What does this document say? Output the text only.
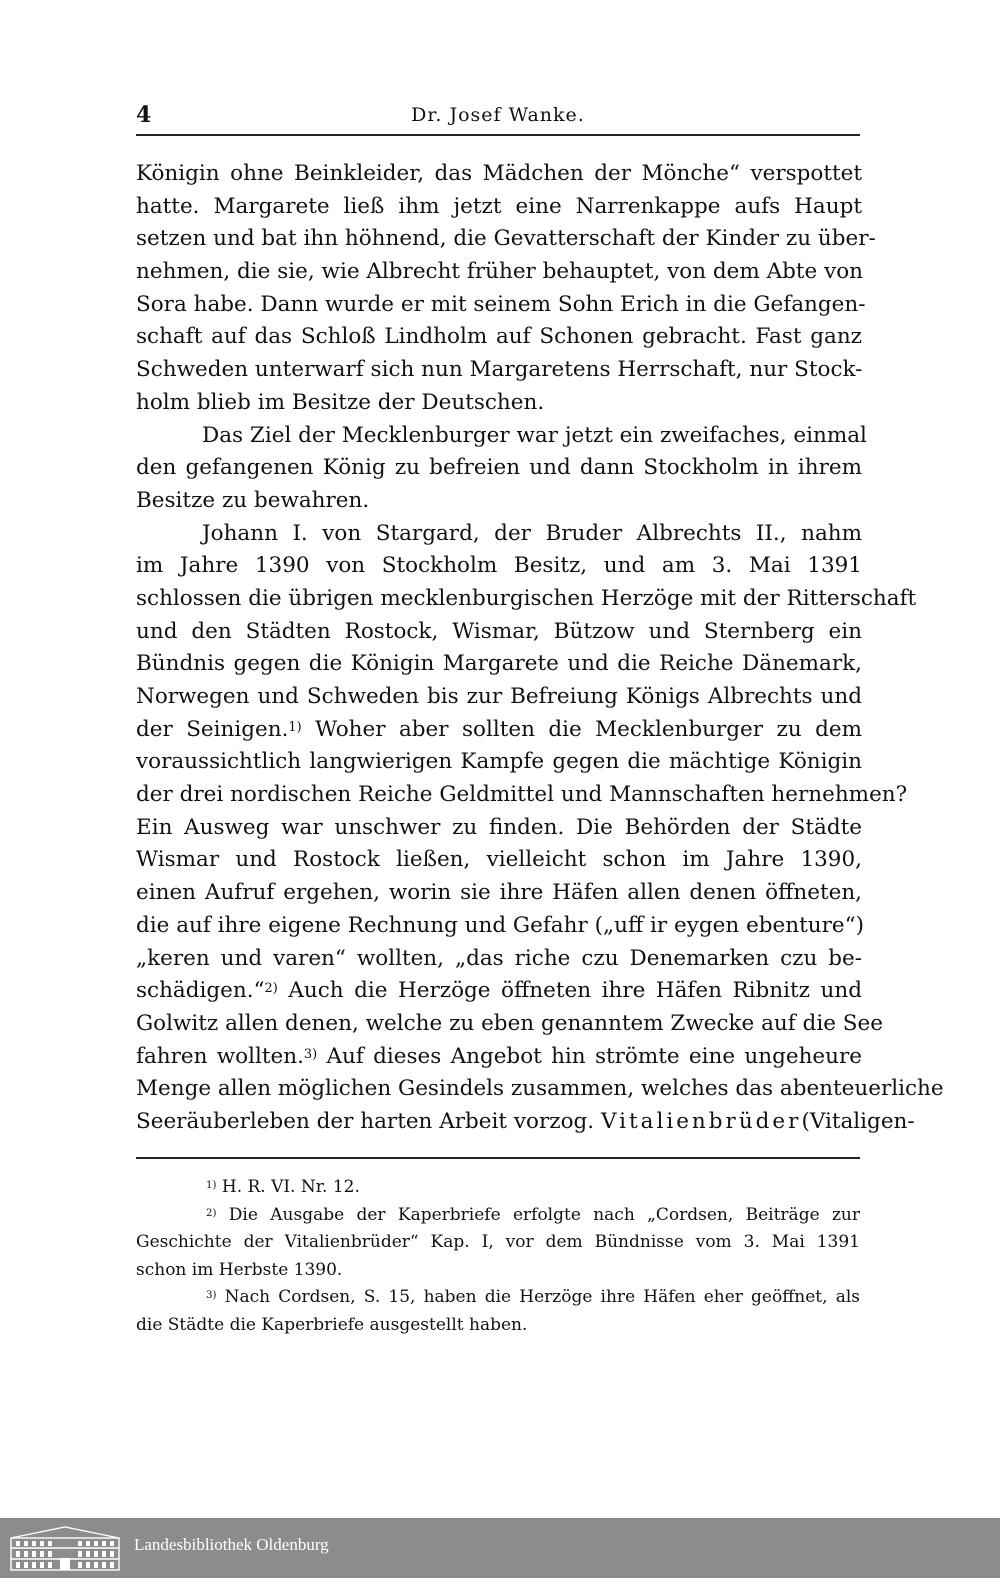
4	Dr. Josef Wanke.
Königin ohne Beinkleider, das Mädchen der Mönche“ verspottet
hatte. Margarete ließ ihm jetzt eine Narrenkappe aufs Haupt
setzen und bat ihn höhnend, die Gevatterschaft der Kinder zu über-
nehmen, die sie, wie Albrecht früher behauptet, von dem Abte von
Sora habe. Dann wurde er mit seinem Sohn Erich in die Gefangen-
schaft auf das Schloß Lindholm auf Schonen gebracht. Fast ganz
Schweden unterwarf sich nun Margaretens Herrschaft, nur Stock-
holm blieb im Besitze der Deutschen.
Das Ziel der Mecklenburger war jetzt ein zweifaches, einmal
den gefangenen König zu befreien und dann Stockholm in ihrem
Besitze zu bewahren.
Johann I. von Stargard, der Bruder Albrechts II., nahm
im Jahre 1390 von Stockholm Besitz, und am 3. Mai 1391
schlossen die übrigen mecklenburgischen Herzöge mit der Ritterschaft
und den Städten Rostock, Wismar, Bützow und Sternberg ein
Bündnis gegen die Königin Margarete und die Reiche Dänemark,
Norwegen und Schweden bis zur Befreiung Königs Albrechts und
der Seinigen.$^{1)}$ Woher aber sollten die Mecklenburger zu dem
voraussichtlich langwierigen Kampfe gegen die mächtige Königin
der drei nordischen Reiche Geldmittel und Mannschaften hernehmen?
Ein Ausweg war unschwer zu finden. Die Behörden der Städte
Wismar und Rostock ließen, vielleicht schon im Jahre 1390,
einen Aufruf ergehen, worin sie ihre Häfen allen denen öffneten,
die auf ihre eigene Rechnung und Gefahr („uff ir eygen ebenture“)
„keren und varen“ wollten, „das riche czu Denemarken czu be-
schädigen.“$^{2)}$ Auch die Herzöge öffneten ihre Häfen Ribnitz und
Golwitz allen denen, welche zu eben genanntem Zwecke auf die See
fahren wollten.$^{3)}$ Auf dieses Angebot hin strömte eine ungeheure
Menge allen möglichen Gesindels zusammen, welches das abenteuerliche
Seeräuberleben der harten Arbeit vorzog. Vitalienbrüder(Vitaligen-
$^{1)}$ H. R. VI. Nr. 12.
$^{2)}$ Die Ausgabe der Kaperbriefe erfolgte nach „Cordsen, Beiträge zur
Geschichte der Vitalienbrüder“ Kap. I, vor dem Bündnisse vom 3. Mai 1391
schon im Herbste 1390.
$^{3)}$ Nach Cordsen, S. 15, haben die Herzöge ihre Häfen eher geöffnet, als
die Städte die Kaperbriefe ausgestellt haben.
Landesbibliothek Oldenburg
